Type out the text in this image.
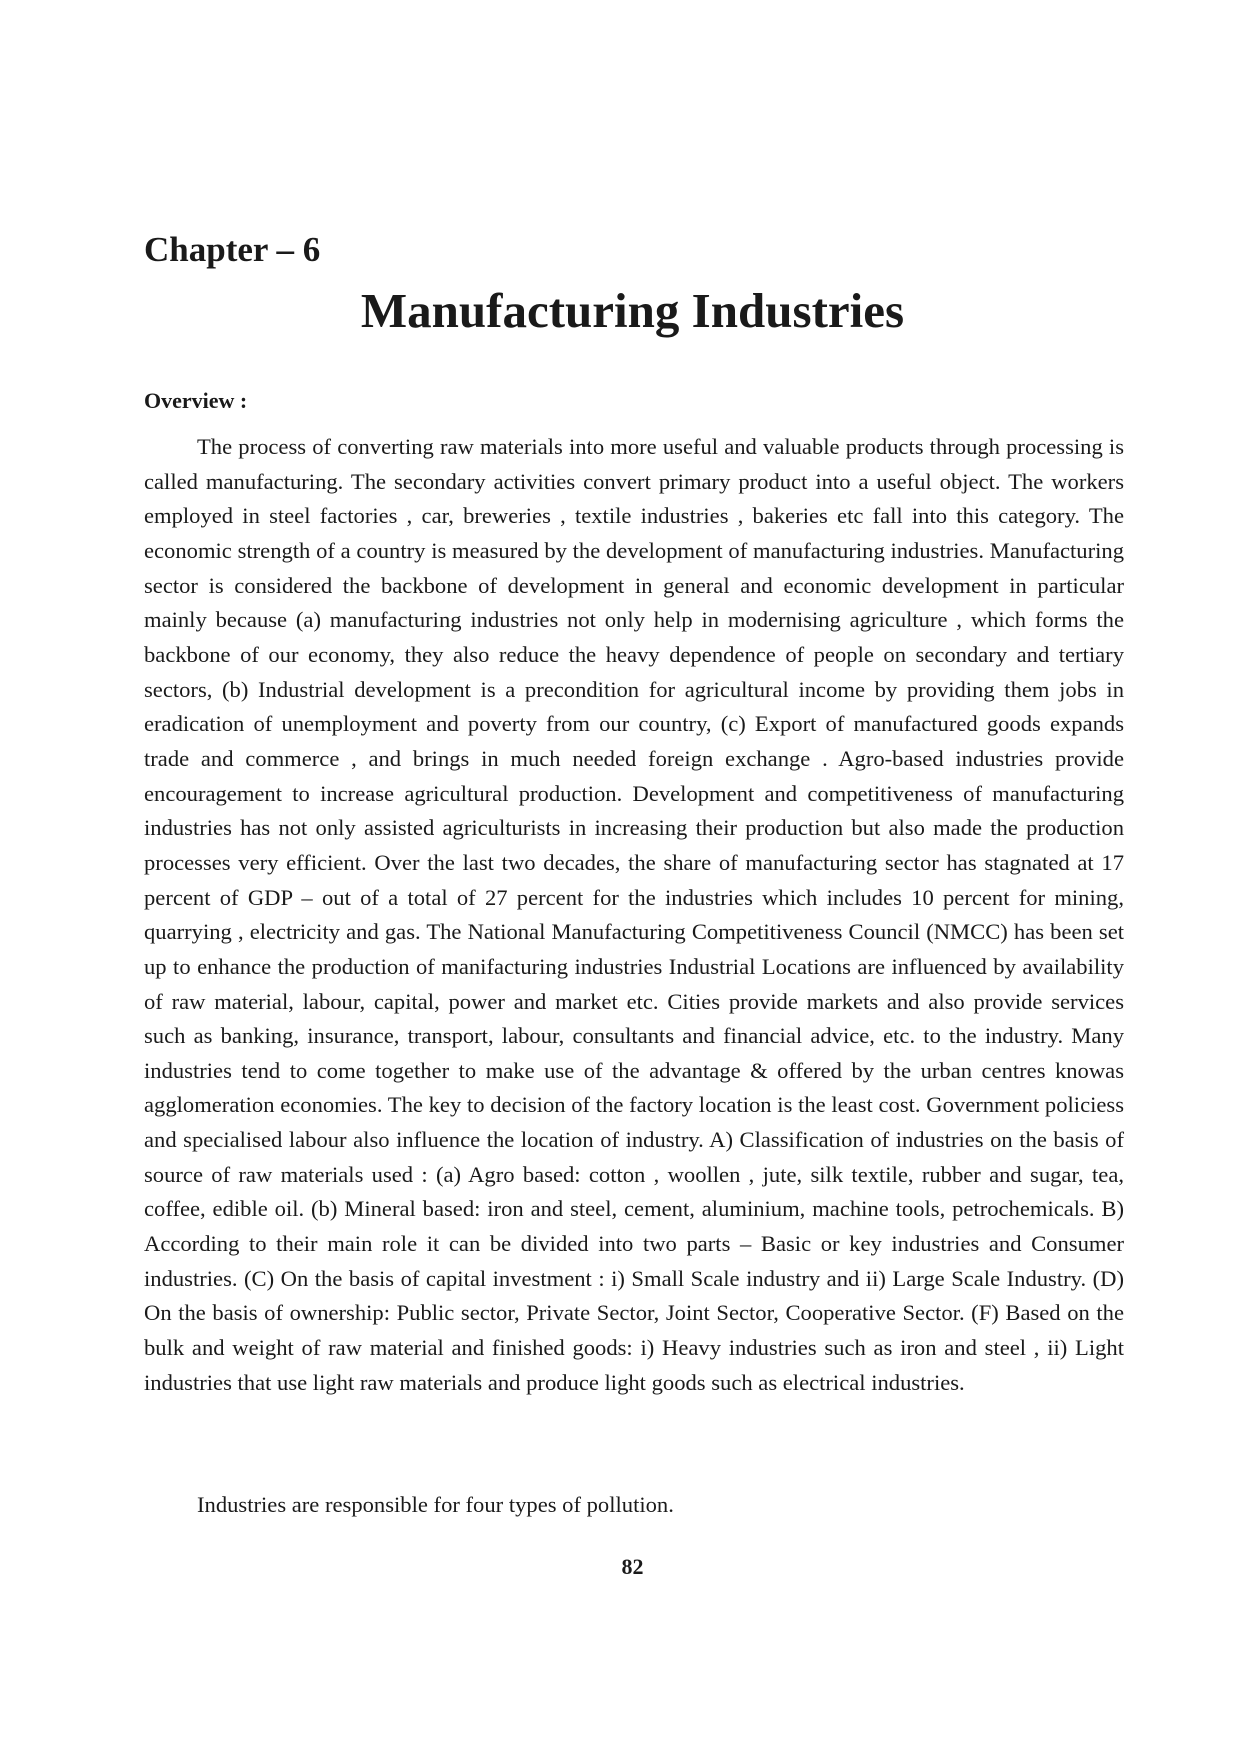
Chapter – 6
Manufacturing Industries
Overview :

The process of converting raw materials into more useful and valuable products through processing is called manufacturing. The secondary activities convert primary product into a useful object. The workers employed in steel factories , car, breweries , textile industries , bakeries etc fall into this category. The economic strength of a country is measured by the development of manufacturing industries. Manufacturing sector is considered the backbone of development in general and economic development in particular mainly because (a) manufacturing industries not only help in modernising agriculture , which forms the backbone of our economy, they also reduce the heavy dependence of people on secondary and tertiary sectors, (b) Industrial development is a precondition for agricultural income by providing them jobs in eradication of unemployment and poverty from our country, (c) Export of manufactured goods expands trade and commerce , and brings in much needed foreign exchange . Agro-based industries provide encouragement to increase agricultural production. Development and competitiveness of manufacturing industries has not only assisted agriculturists in increasing their production but also made the production processes very efficient. Over the last two decades, the share of manufacturing sector has stagnated at 17 percent of GDP – out of a total of 27 percent for the industries which includes 10 percent for mining, quarrying , electricity and gas. The National Manufacturing Competitiveness Council (NMCC) has been set up to enhance the production of manifacturing industries Industrial Locations are influenced by availability of raw material, labour, capital, power and market etc. Cities provide markets and also provide services such as banking, insurance, transport, labour, consultants and financial advice, etc. to the industry. Many industries tend to come together to make use of the advantage & offered by the urban centres knowas agglomeration economies. The key to decision of the factory location is the least cost. Government policiess and specialised labour also influence the location of industry. A) Classification of industries on the basis of source of raw materials used : (a) Agro based: cotton , woollen , jute, silk textile, rubber and sugar, tea, coffee, edible oil. (b) Mineral based: iron and steel, cement, aluminium, machine tools, petrochemicals. B) According to their main role it can be divided into two parts – Basic or key industries and Consumer industries. (C) On the basis of capital investment : i) Small Scale industry and ii) Large Scale Industry. (D) On the basis of ownership: Public sector, Private Sector, Joint Sector, Cooperative Sector. (F) Based on the bulk and weight of raw material and finished goods: i) Heavy industries such as iron and steel , ii) Light industries that use light raw materials and produce light goods such as electrical industries.

Industries are responsible for four types of pollution.

82
